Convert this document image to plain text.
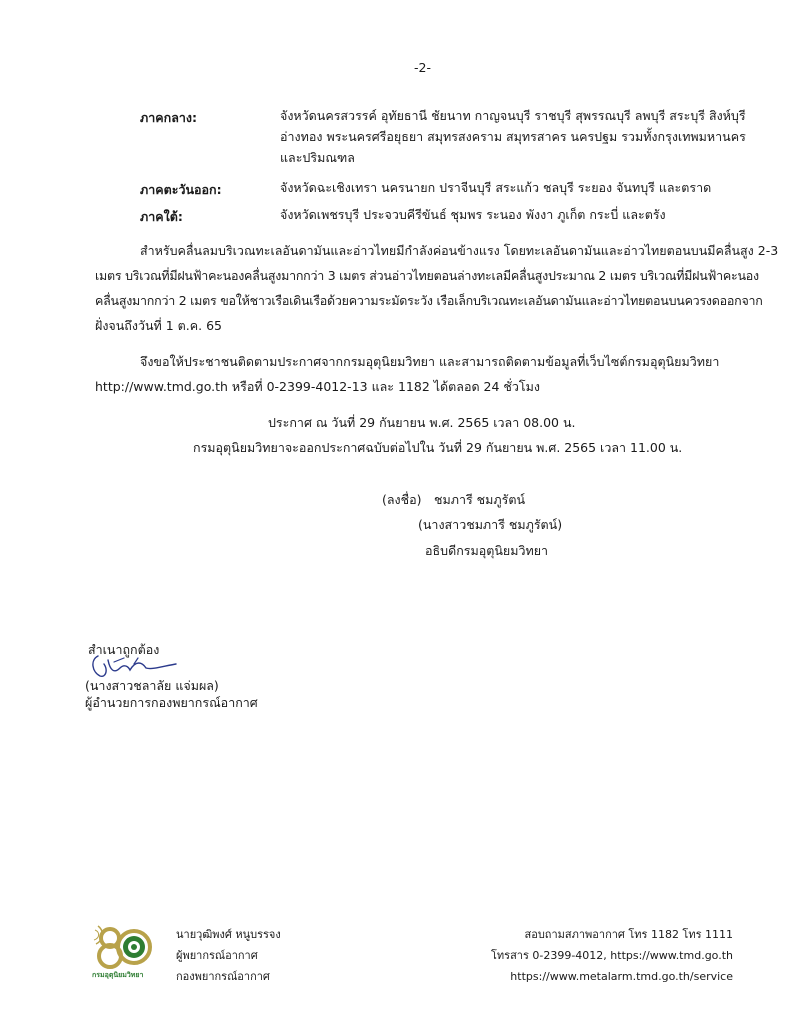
-2-
ภาคกลาง:	จังหวัดนครสวรรค์ อุทัยธานี ชัยนาท กาญจนบุรี ราชบุรี สุพรรณบุรี ลพบุรี สระบุรี สิงห์บุรี
อ่างทอง พระนครศรีอยุธยา สมุทรสงคราม สมุทรสาคร นครปฐม รวมทั้งกรุงเทพมหานคร
และปริมณฑล
ภาคตะวันออก:	จังหวัดฉะเชิงเทรา นครนายก ปราจีนบุรี สระแก้ว ชลบุรี ระยอง จันทบุรี และตราด
ภาคใต้:	จังหวัดเพชรบุรี ประจวบคีรีขันธ์ ชุมพร ระนอง พังงา ภูเก็ต กระบี่ และตรัง
สำหรับคลื่นลมบริเวณทะเลอันดามันและอ่าวไทยมีกำลังค่อนข้างแรง โดยทะเลอันดามันและอ่าวไทยตอนบนมีคลื่นสูง 2-3
เมตร บริเวณที่มีฝนฟ้าคะนองคลื่นสูงมากกว่า 3 เมตร ส่วนอ่าวไทยตอนล่างทะเลมีคลื่นสูงประมาณ 2 เมตร บริเวณที่มีฝนฟ้าคะนอง
คลื่นสูงมากกว่า 2 เมตร ขอให้ชาวเรือเดินเรือด้วยความระมัดระวัง เรือเล็กบริเวณทะเลอันดามันและอ่าวไทยตอนบนควรงดออกจาก
ฝั่งจนถึงวันที่ 1 ต.ค. 65
จึงขอให้ประชาชนติดตามประกาศจากกรมอุตุนิยมวิทยา และสามารถติดตามข้อมูลที่เว็บไซต์กรมอุตุนิยมวิทยา
http://www.tmd.go.th หรือที่ 0-2399-4012-13 และ 1182 ได้ตลอด 24 ชั่วโมง
ประกาศ ณ วันที่ 29 กันยายน พ.ศ. 2565 เวลา 08.00 น.
กรมอุตุนิยมวิทยาจะออกประกาศฉบับต่อไปใน วันที่ 29 กันยายน พ.ศ. 2565 เวลา 11.00 น.
(ลงชื่อ) ชมภารี ชมภูรัตน์
(นางสาวชมภารี ชมภูรัตน์)
อธิบดีกรมอุตุนิยมวิทยา
สำเนาถูกต้อง
(นางสาวชลาลัย แจ่มผล)
ผู้อำนวยการกองพยากรณ์อากาศ
กรมอุตุนิยมวิทยา
นายวุฒิพงศ์ หนูบรรจง
ผู้พยากรณ์อากาศ
กองพยากรณ์อากาศ
สอบถามสภาพอากาศ โทร 1182 โทร 1111
โทรสาร 0-2399-4012, https://www.tmd.go.th
https://www.metalarm.tmd.go.th/service
